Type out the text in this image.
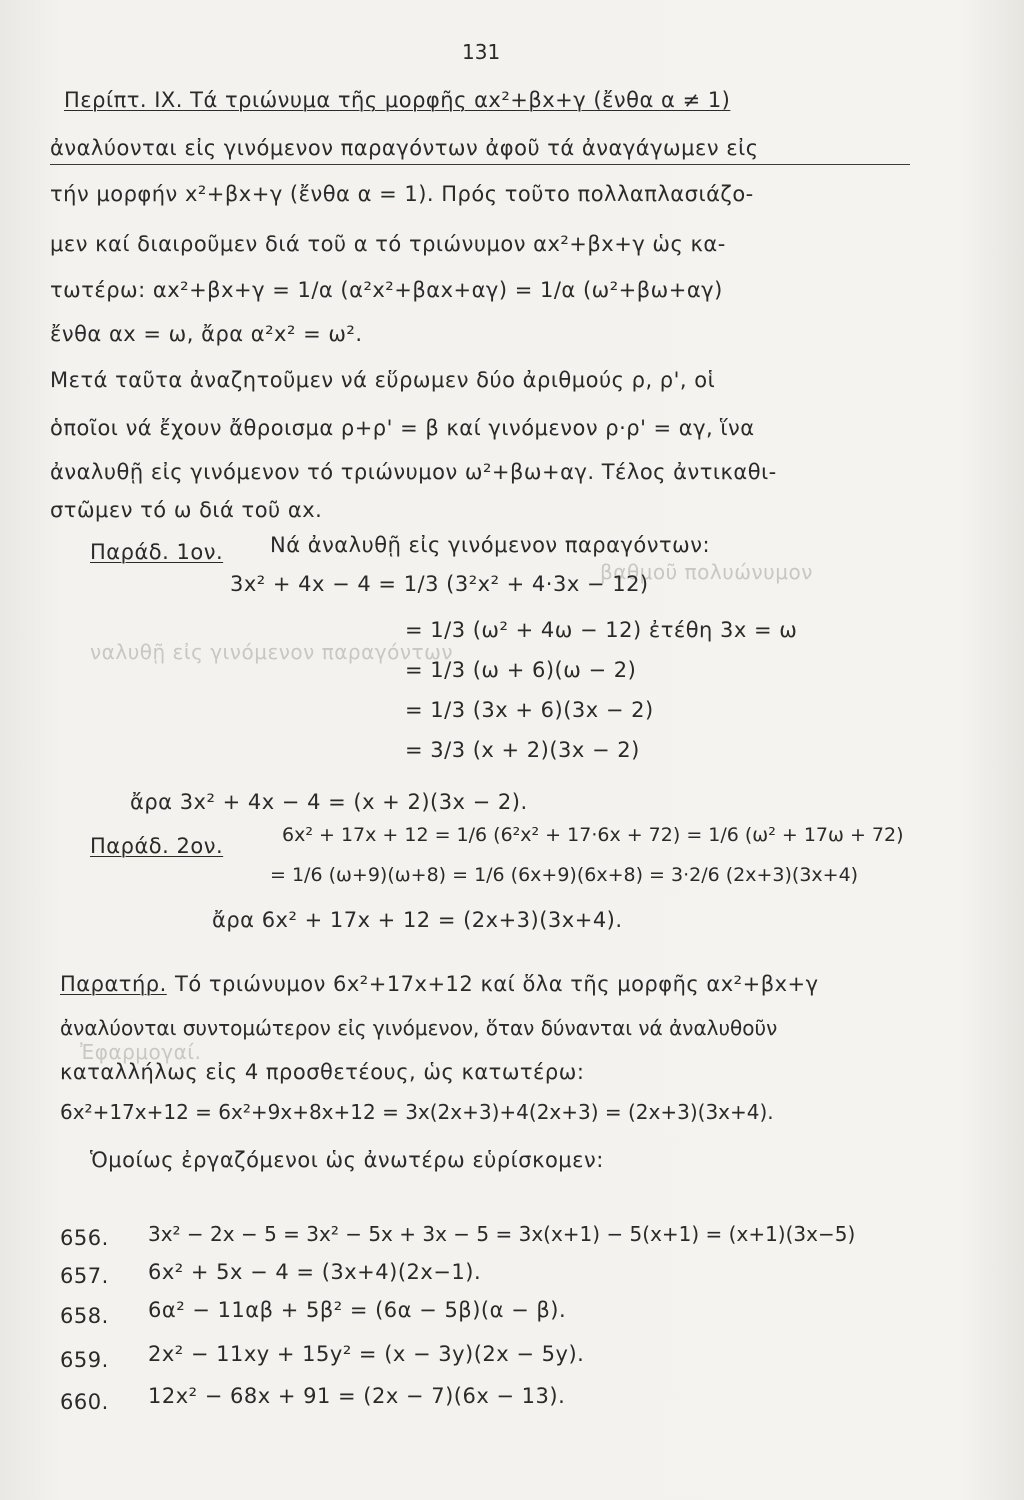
ναλυθῇ εἰς γινόμενον παραγόντων
βαθμοῦ πολυώνυμον
Ἐφαρμογαί.
131
Περίπτ. IX. Τά τριώνυμα τῆς μορφῆς αx²+βx+γ (ἔνθα α ≠ 1)
ἀναλύονται εἰς γινόμενον παραγόντων ἀφοῦ τά ἀναγάγωμεν εἰς
τήν μορφήν x²+βx+γ (ἔνθα α = 1). Πρός τοῦτο πολλαπλασιάζο-
μεν καί διαιροῦμεν διά τοῦ α τό τριώνυμον αx²+βx+γ ὡς κα-
τωτέρω: αx²+βx+γ = 1/α (α²x²+βαx+αγ) = 1/α (ω²+βω+αγ)
ἔνθα αx = ω, ἄρα α²x² = ω².
Μετά ταῦτα ἀναζητοῦμεν νά εὕρωμεν δύο ἀριθμούς ρ, ρ', οἱ
ὁποῖοι νά ἔχουν ἄθροισμα ρ+ρ' = β καί γινόμενον ρ·ρ' = αγ, ἵνα
ἀναλυθῇ εἰς γινόμενον τό τριώνυμον ω²+βω+αγ. Τέλος ἀντικαθι-
στῶμεν τό ω διά τοῦ αx.
Παράδ. 1ον. Νά ἀναλυθῇ εἰς γινόμενον παραγόντων:
3x² + 4x − 4 = 1/3 (3²x² + 4·3x − 12)
= 1/3 (ω² + 4ω − 12) ἐτέθη 3x = ω
= 1/3 (ω + 6)(ω − 2)
= 1/3 (3x + 6)(3x − 2)
= 3/3 (x + 2)(3x − 2)
ἄρα 3x² + 4x − 4 = (x + 2)(3x − 2).
Παράδ. 2ον.	6x² + 17x + 12 = 1/6 (6²x² + 17·6x + 72) = 1/6 (ω² + 17ω + 72)
= 1/6 (ω+9)(ω+8) = 1/6 (6x+9)(6x+8) = 3·2/6 (2x+3)(3x+4)
ἄρα 6x² + 17x + 12 = (2x+3)(3x+4).
Παρατήρ. Τό τριώνυμον 6x²+17x+12 καί ὅλα τῆς μορφῆς αx²+βx+γ
ἀναλύονται συντομώτερον εἰς γινόμενον, ὅταν δύνανται νά ἀναλυθοῦν
καταλλήλως εἰς 4 προσθετέους, ὡς κατωτέρω:
6x²+17x+12 = 6x²+9x+8x+12 = 3x(2x+3)+4(2x+3) = (2x+3)(3x+4).
Ὁμοίως ἐργαζόμενοι ὡς ἀνωτέρω εὑρίσκομεν:
656. 3x² − 2x − 5 = 3x² − 5x + 3x − 5 = 3x(x+1) − 5(x+1) = (x+1)(3x−5)
657. 6x² + 5x − 4 = (3x+4)(2x−1).
658. 6α² − 11αβ + 5β² = (6α − 5β)(α − β).
659. 2x² − 11xy + 15y² = (x − 3y)(2x − 5y).
660. 12x² − 68x + 91 = (2x − 7)(6x − 13).
